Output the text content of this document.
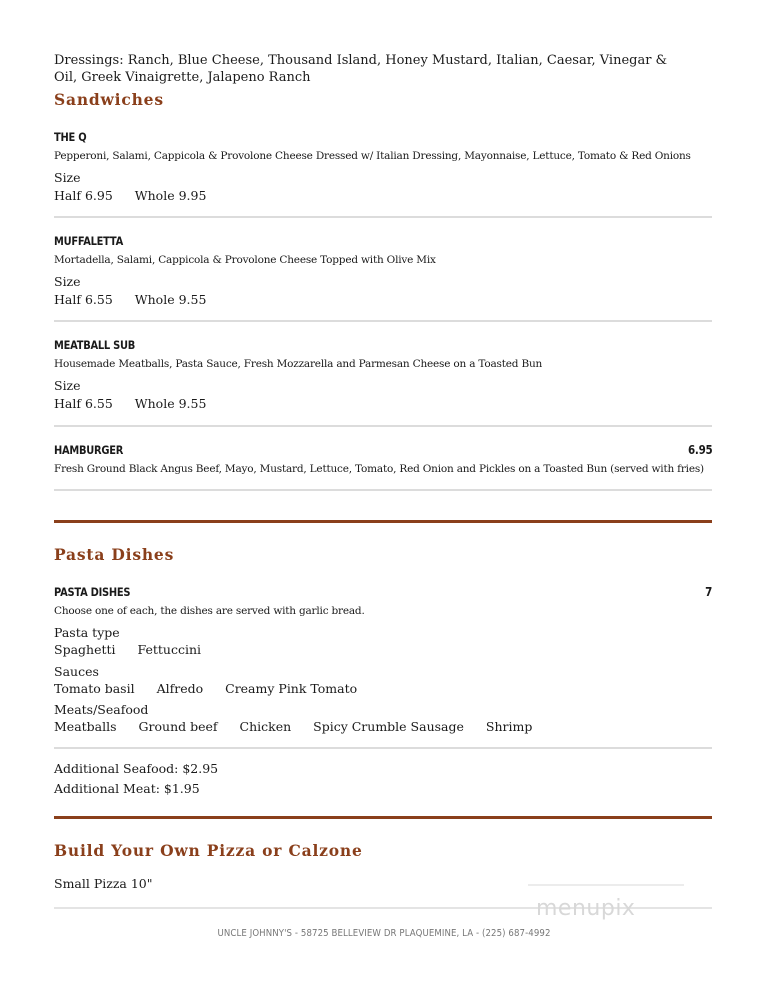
Dressings: Ranch, Blue Cheese, Thousand Island, Honey Mustard, Italian, Caesar, Vinegar & Oil, Greek Vinaigrette, Jalapeno Ranch
Sandwiches
THE Q
Pepperoni, Salami, Cappicola & Provolone Cheese Dressed w/ Italian Dressing, Mayonnaise, Lettuce, Tomato & Red Onions
Size
Half 6.95 Whole 9.95
MUFFALETTA
Mortadella, Salami, Cappicola & Provolone Cheese Topped with Olive Mix
Size
Half 6.55 Whole 9.55
MEATBALL SUB
Housemade Meatballs, Pasta Sauce, Fresh Mozzarella and Parmesan Cheese on a Toasted Bun
Size
Half 6.55 Whole 9.55
HAMBURGER	6.95
Fresh Ground Black Angus Beef, Mayo, Mustard, Lettuce, Tomato, Red Onion and Pickles on a Toasted Bun (served with fries)
Pasta Dishes
PASTA DISHES	7
Choose one of each, the dishes are served with garlic bread.
Pasta type
Spaghetti Fettuccini
Sauces
Tomato basil Alfredo Creamy Pink Tomato
Meats/Seafood
Meatballs Ground beef Chicken Spicy Crumble Sausage Shrimp
Additional Seafood: $2.95
Additional Meat: $1.95
Build Your Own Pizza or Calzone
Small Pizza 10"
menupix
UNCLE JOHNNY'S - 58725 BELLEVIEW DR PLAQUEMINE, LA - (225) 687-4992
